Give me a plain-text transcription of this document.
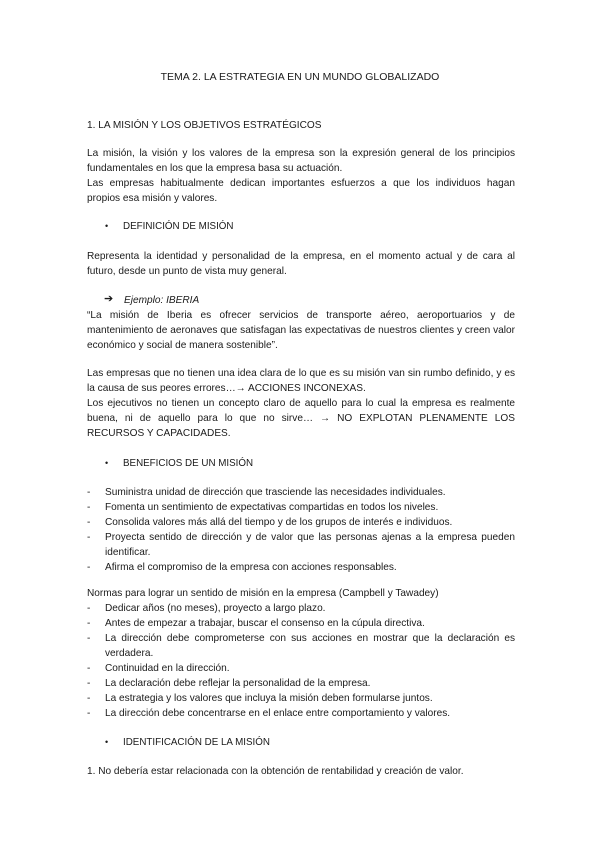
TEMA 2. LA ESTRATEGIA EN UN MUNDO GLOBALIZADO
1. LA MISIÓN Y LOS OBJETIVOS ESTRATÉGICOS

La misión, la visión y los valores de la empresa son la expresión general de los principios fundamentales en los que la empresa basa su actuación.

Las empresas habitualmente dedican importantes esfuerzos a que los individuos hagan propios esa misión y valores.

•	DEFINICIÓN DE MISIÓN

Representa la identidad y personalidad de la empresa, en el momento actual y de cara al futuro, desde un punto de vista muy general.

➔ Ejemplo: IBERIA

“La misión de Iberia es ofrecer servicios de transporte aéreo, aeroportuarios y de mantenimiento de aeronaves que satisfagan las expectativas de nuestros clientes y creen valor económico y social de manera sostenible”.

Las empresas que no tienen una idea clara de lo que es su misión van sin rumbo definido, y es la causa de sus peores errores…→ ACCIONES INCONEXAS.

Los ejecutivos no tienen un concepto claro de aquello para lo cual la empresa es realmente buena, ni de aquello para lo que no sirve… → NO EXPLOTAN PLENAMENTE LOS RECURSOS Y CAPACIDADES.

•	BENEFICIOS DE UN MISIÓN
- Suministra unidad de dirección que trasciende las necesidades individuales.
- Fomenta un sentimiento de expectativas compartidas en todos los niveles.
- Consolida valores más allá del tiempo y de los grupos de interés e individuos.
- Proyecta sentido de dirección y de valor que las personas ajenas a la empresa pueden identificar.
- Afirma el compromiso de la empresa con acciones responsables.

Normas para lograr un sentido de misión en la empresa (Campbell y Tawadey)

- Dedicar años (no meses), proyecto a largo plazo.
- Antes de empezar a trabajar, buscar el consenso en la cúpula directiva.
- La dirección debe comprometerse con sus acciones en mostrar que la declaración es verdadera.
- Continuidad en la dirección.
- La declaración debe reflejar la personalidad de la empresa.
- La estrategia y los valores que incluya la misión deben formularse juntos.
- La dirección debe concentrarse en el enlace entre comportamiento y valores.
•	IDENTIFICACIÓN DE LA MISIÓN

1. No debería estar relacionada con la obtención de rentabilidad y creación de valor.
